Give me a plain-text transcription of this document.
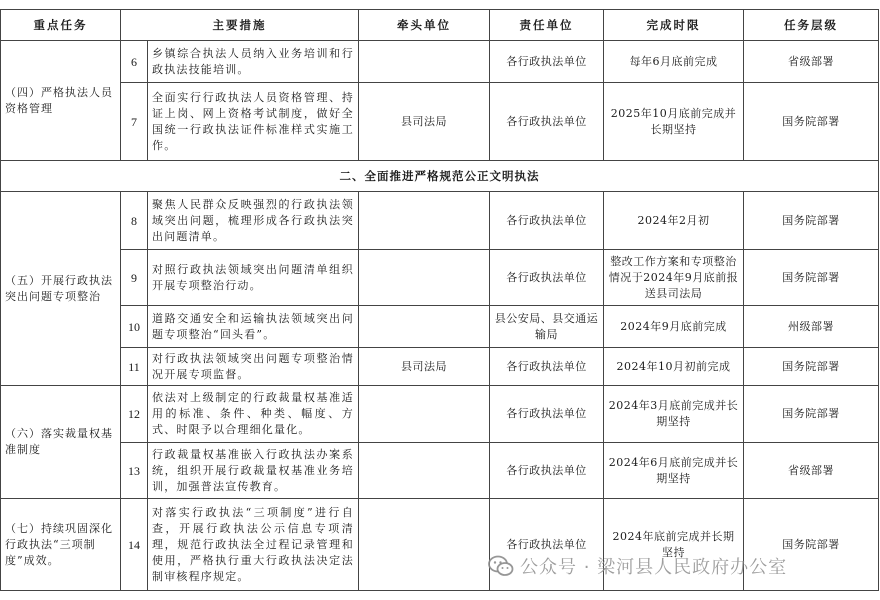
重点任务	主要措施		牵头单位	责任单位	完成时限	任务层级
（四）严格执法人员资格管理	6	乡镇综合执法人员纳入业务培训和行政执法技能培训。		各行政执法单位	每年6月底前完成	省级部署
	7	全面实行行政执法人员资格管理、持证上岗、网上资格考试制度，做好全国统一行政执法证件标准样式实施工作。	县司法局	各行政执法单位	2025年10月底前完成并长期坚持	国务院部署
二、全面推进严格规范公正文明执法						
（五）开展行政执法突出问题专项整治	8	聚焦人民群众反映强烈的行政执法领域突出问题，梳理形成各行政执法突出问题清单。		各行政执法单位	2024年2月初	国务院部署
	9	对照行政执法领域突出问题清单组织开展专项整治行动。		各行政执法单位	整改工作方案和专项整治情况于2024年9月底前报送县司法局	国务院部署
	10	道路交通安全和运输执法领域突出问题专项整治“回头看”。		县公安局、县交通运输局	2024年9月底前完成	州级部署
	11	对行政执法领域突出问题专项整治情况开展专项监督。	县司法局	各行政执法单位	2024年10月初前完成	国务院部署
（六）落实裁量权基准制度	12	依法对上级制定的行政裁量权基准适用的标准、条件、种类、幅度、方式、时限予以合理细化量化。		各行政执法单位	2024年3月底前完成并长期坚持	国务院部署
	13	行政裁量权基准嵌入行政执法办案系统，组织开展行政裁量权基准业务培训，加强普法宣传教育。		各行政执法单位	2024年6月底前完成并长期坚持	省级部署
（七）持续巩固深化行政执法“三项制度”成效。	14	对落实行政执法“三项制度”进行自查，开展行政执法公示信息专项清理，规范行政执法全过程记录管理和使用，严格执行重大行政执法决定法制审核程序规定。		各行政执法单位	2024年底前完成并长期坚持	国务院部署
公众号 · 梁河县人民政府办公室
